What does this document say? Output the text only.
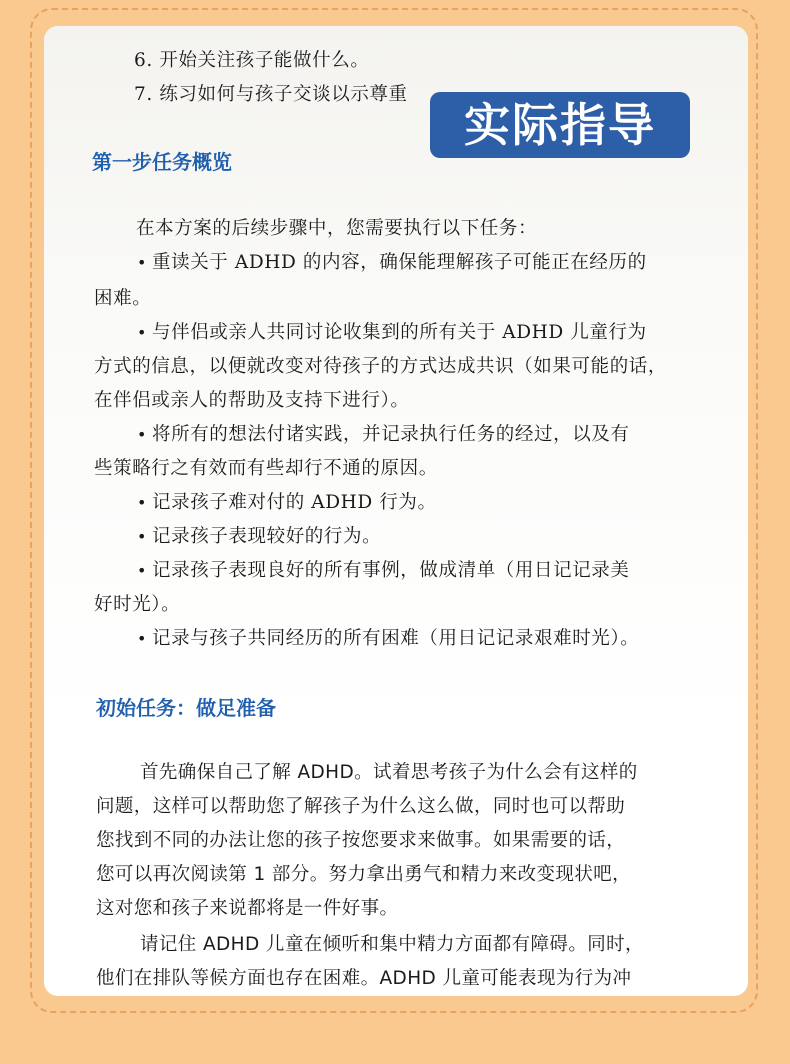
6. 开始关注孩子能做什么。
7. 练习如何与孩子交谈以示尊重
实际指导
第一步任务概览
在本方案的后续步骤中，您需要执行以下任务：
•重读关于 ADHD 的内容，确保能理解孩子可能正在经历的
困难。
•与伴侣或亲人共同讨论收集到的所有关于 ADHD 儿童行为
方式的信息，以便就改变对待孩子的方式达成共识（如果可能的话，
在伴侣或亲人的帮助及支持下进行）。
•将所有的想法付诸实践，并记录执行任务的经过，以及有
些策略行之有效而有些却行不通的原因。
•记录孩子难对付的 ADHD 行为。
•记录孩子表现较好的行为。
•记录孩子表现良好的所有事例，做成清单（用日记记录美
好时光）。
•记录与孩子共同经历的所有困难（用日记记录艰难时光）。
初始任务：做足准备
首先确保自己了解 ADHD。试着思考孩子为什么会有这样的
问题，这样可以帮助您了解孩子为什么这么做，同时也可以帮助
您找到不同的办法让您的孩子按您要求来做事。如果需要的话，
您可以再次阅读第 1 部分。努力拿出勇气和精力来改变现状吧，
这对您和孩子来说都将是一件好事。
请记住 ADHD 儿童在倾听和集中精力方面都有障碍。同时，
他们在排队等候方面也存在困难。ADHD 儿童可能表现为行为冲
